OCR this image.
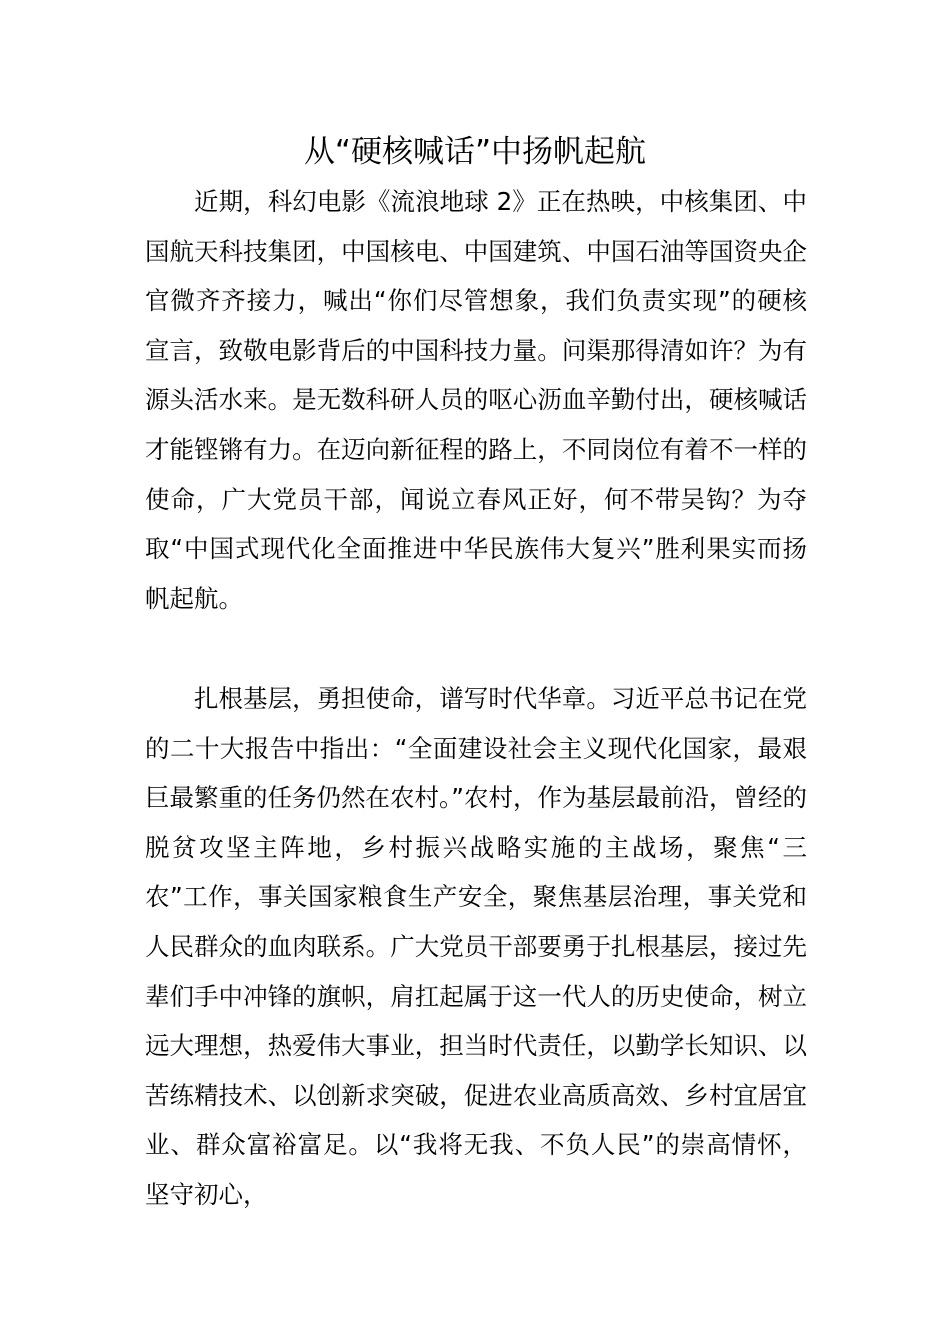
从“硬核喊话”中扬帆起航

近期，科幻电影《流浪地球 2》正在热映，中核集团、中国航天科技集团，中国核电、中国建筑、中国石油等国资央企官微齐齐接力，喊出“你们尽管想象，我们负责实现”的硬核宣言，致敬电影背后的中国科技力量。问渠那得清如许？为有源头活水来。是无数科研人员的呕心沥血辛勤付出，硬核喊话才能铿锵有力。在迈向新征程的路上，不同岗位有着不一样的使命，广大党员干部，闻说立春风正好，何不带吴钩？为夺取“中国式现代化全面推进中华民族伟大复兴”胜利果实而扬帆起航。

扎根基层，勇担使命，谱写时代华章。习近平总书记在党的二十大报告中指出：“全面建设社会主义现代化国家，最艰巨最繁重的任务仍然在农村。”农村，作为基层最前沿，曾经的脱贫攻坚主阵地，乡村振兴战略实施的主战场，聚焦“三农”工作，事关国家粮食生产安全，聚焦基层治理，事关党和人民群众的血肉联系。广大党员干部要勇于扎根基层，接过先辈们手中冲锋的旗帜，肩扛起属于这一代人的历史使命，树立远大理想，热爱伟大事业，担当时代责任，以勤学长知识、以苦练精技术、以创新求突破，促进农业高质高效、乡村宜居宜业、群众富裕富足。以“我将无我、不负人民”的崇高情怀，坚守初心，
